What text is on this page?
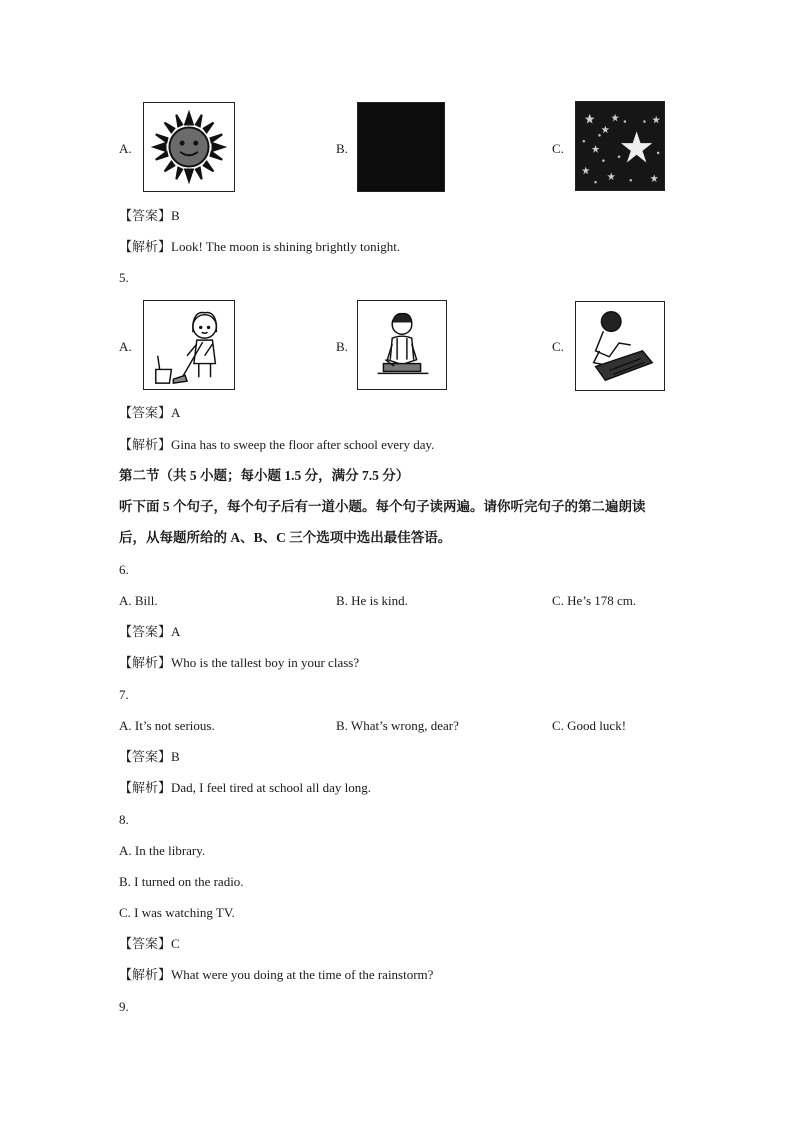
A.	B.	C.
【答案】B
【解析】Look! The moon is shining brightly tonight.
5.
A.	B.	C.
【答案】A
【解析】Gina has to sweep the floor after school every day.
第二节（共 5 小题；每小题 1.5 分，满分 7.5 分）
听下面 5 个句子，每个句子后有一道小题。每个句子读两遍。请你听完句子的第二遍朗读
后，从每题所给的 A、B、C 三个选项中选出最佳答语。
6.
A. Bill.	B. He is kind.	C. He’s 178 cm.
【答案】A
【解析】Who is the tallest boy in your class?
7.
A. It’s not serious.	B. What’s wrong, dear?	C. Good luck!
【答案】B
【解析】Dad, I feel tired at school all day long.
8.
A. In the library.
B. I turned on the radio.
C. I was watching TV.
【答案】C
【解析】What were you doing at the time of the rainstorm?
9.
